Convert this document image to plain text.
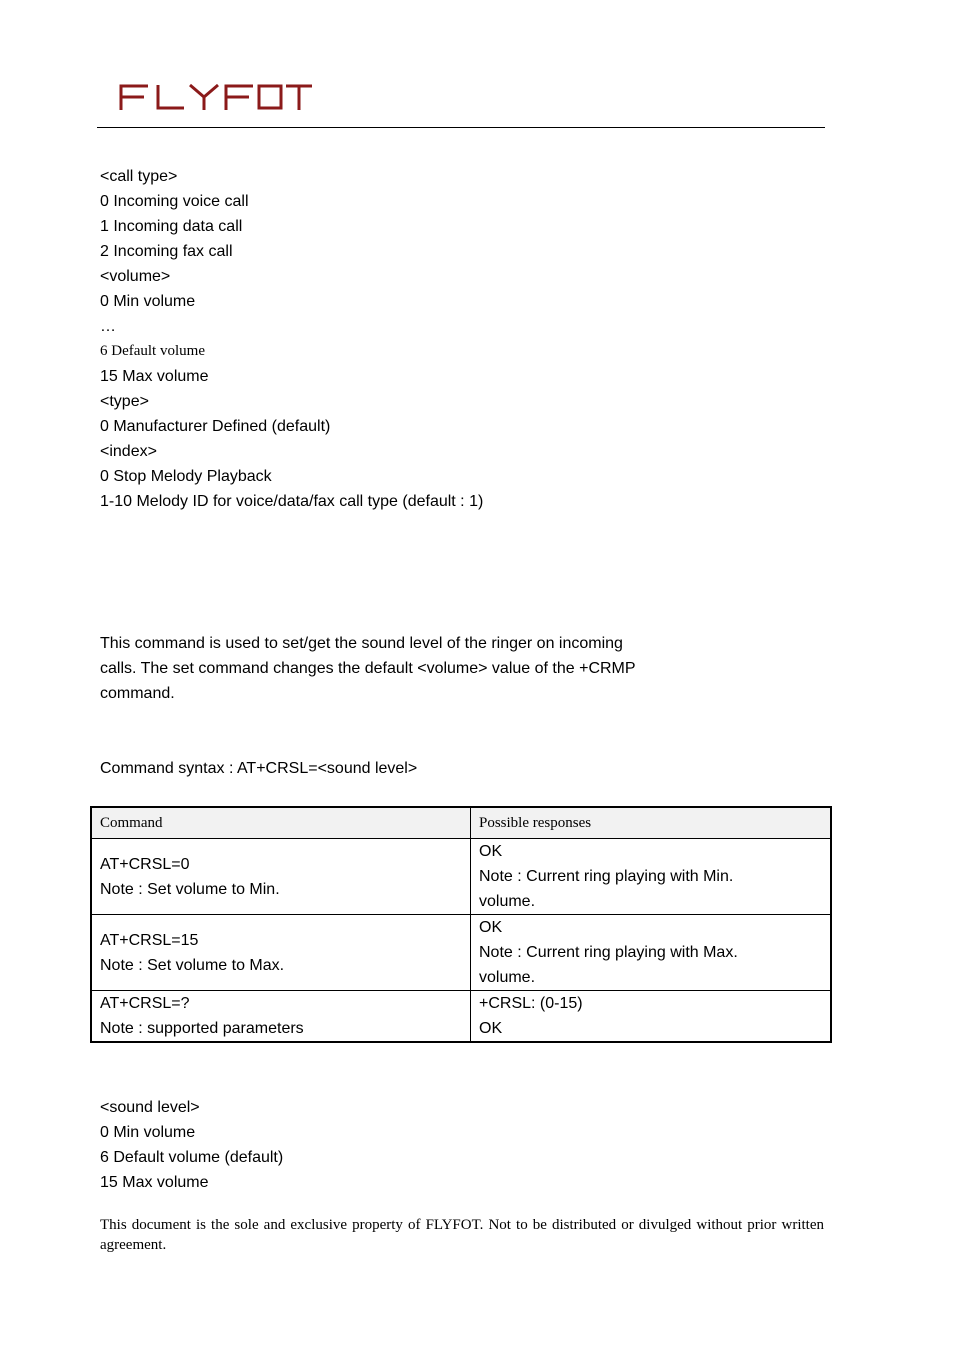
<call type>
0 Incoming voice call
1 Incoming data call
2 Incoming fax call
<volume>
0 Min volume
…
6 Default volume
15 Max volume
<type>
0 Manufacturer Defined (default)
<index>
0 Stop Melody Playback
1-10 Melody ID for voice/data/fax call type (default : 1)
This command is used to set/get the sound level of the ringer on incoming
calls. The set command changes the default <volume> value of the +CRMP
command.
Command syntax : AT+CRSL=<sound level>
Command	Possible responses

AT+CRSL=0
Note : Set volume to Min.	OK
Note : Current ring playing with Min.
volume.

AT+CRSL=15
Note : Set volume to Max.	OK
Note : Current ring playing with Max.
volume.

AT+CRSL=?
Note : supported parameters	+CRSL: (0-15)
OK
<sound level>
0 Min volume
6 Default volume (default)
15 Max volume
This document is the sole and exclusive property of FLYFOT. Not to be distributed or divulged without prior written agreement.
